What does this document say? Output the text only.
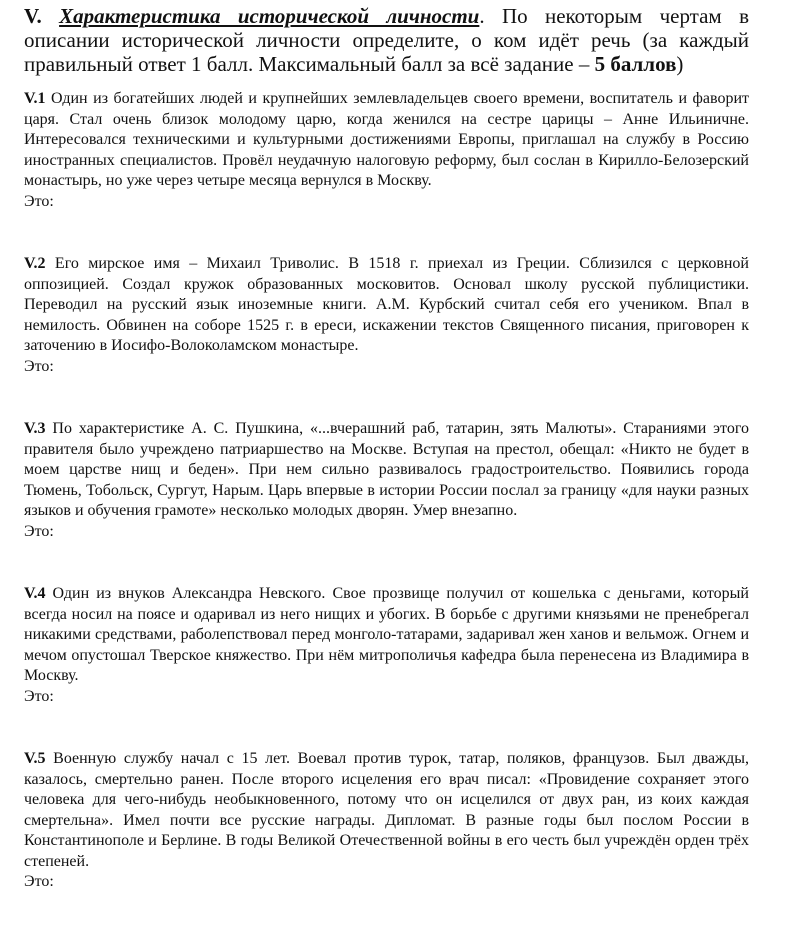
V. Характеристика исторической личности. По некоторым чертам в описании исторической личности определите, о ком идёт речь (за каждый правильный ответ 1 балл. Максимальный балл за всё задание – 5 баллов)

V.1 Один из богатейших людей и крупнейших землевладельцев своего времени, воспитатель и фаворит царя. Стал очень близок молодому царю, когда женился на сестре царицы – Анне Ильиничне. Интересовался техническими и культурными достижениями Европы, приглашал на службу в Россию иностранных специалистов. Провёл неудачную налоговую реформу, был сослан в Кирилло-Белозерский монастырь, но уже через четыре месяца вернулся в Москву.

Это:

V.2 Его мирское имя – Михаил Триволис. В 1518 г. приехал из Греции. Сблизился с церковной оппозицией. Создал кружок образованных московитов. Основал школу русской публицистики. Переводил на русский язык иноземные книги. А.М. Курбский считал себя его учеником. Впал в немилость. Обвинен на соборе 1525 г. в ереси, искажении текстов Священного писания, приговорен к заточению в Иосифо-Волоколамском монастыре.

Это:

V.3 По характеристике А. С. Пушкина, «...вчерашний раб, татарин, зять Малюты». Стараниями этого правителя было учреждено патриаршество на Москве. Вступая на престол, обещал: «Никто не будет в моем царстве нищ и беден». При нем сильно развивалось градостроительство. Появились города Тюмень, Тобольск, Сургут, Нарым. Царь впервые в истории России послал за границу «для науки разных языков и обучения грамоте» несколько молодых дворян. Умер внезапно.

Это:

V.4 Один из внуков Александра Невского. Свое прозвище получил от кошелька с деньгами, который всегда носил на поясе и одаривал из него нищих и убогих. В борьбе с другими князьями не пренебрегал никакими средствами, раболепствовал перед монголо-татарами, задаривал жен ханов и вельмож. Огнем и мечом опустошал Тверское княжество. При нём митрополичья кафедра была перенесена из Владимира в Москву.

Это:

V.5 Военную службу начал с 15 лет. Воевал против турок, татар, поляков, французов. Был дважды, казалось, смертельно ранен. После второго исцеления его врач писал: «Провидение сохраняет этого человека для чего-нибудь необыкновенного, потому что он исцелился от двух ран, из коих каждая смертельна». Имел почти все русские награды. Дипломат. В разные годы был послом России в Константинополе и Берлине. В годы Великой Отечественной войны в его честь был учреждён орден трёх степеней.

Это:
